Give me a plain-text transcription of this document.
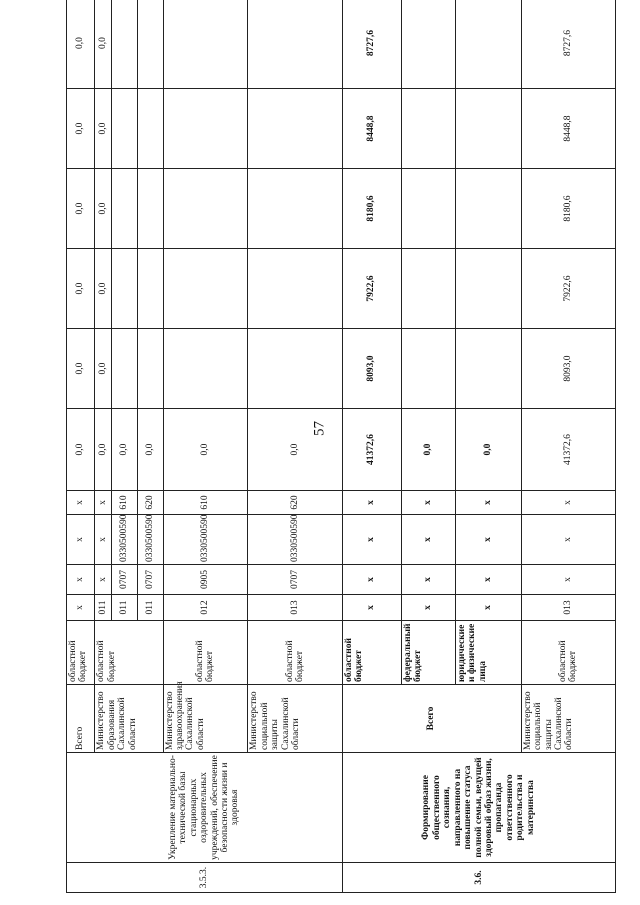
57
3.5.3.	Укрепление материально-технической базы стационарных оздоровительных учреждений, обеспечение безопасности жизни и здоровья	Всего	областной бюджет	х	х	х	х	0,0	0,0	0,0	0,0	0,0	0,0
		Министерство образования Сахалинской области	областной бюджет	011	х	х	х	0,0	0,0	0,0	0,0	0,0	0,0
				011	0707	0330500590	610	0,0					
				011	0707	0330500590	620	0,0					
		Министерство здравоохранения Сахалинской области	областной бюджет	012	0905	0330500590	610	0,0					
		Министерство социальной защиты Сахалинской области	областной бюджет	013	0707	0330500590	620	0,0					
3.6.	Формирование общественного сознания, направленного на повышение статуса полной семьи, ведущей здоровый образ жизни, пропаганда ответственного родительства и материнства	Всего	областной бюджет	х	х	х	х	41372,6	8093,0	7922,6	8180,6	8448,8	8727,6
			федеральный бюджет	х	х	х	х	0,0					
			юридические и физические лица	х	х	х	х	0,0					
		Министерство социальной защиты Сахалинской области	областной бюджет	013	х	х	х	41372,6	8093,0	7922,6	8180,6	8448,8	8727,6
